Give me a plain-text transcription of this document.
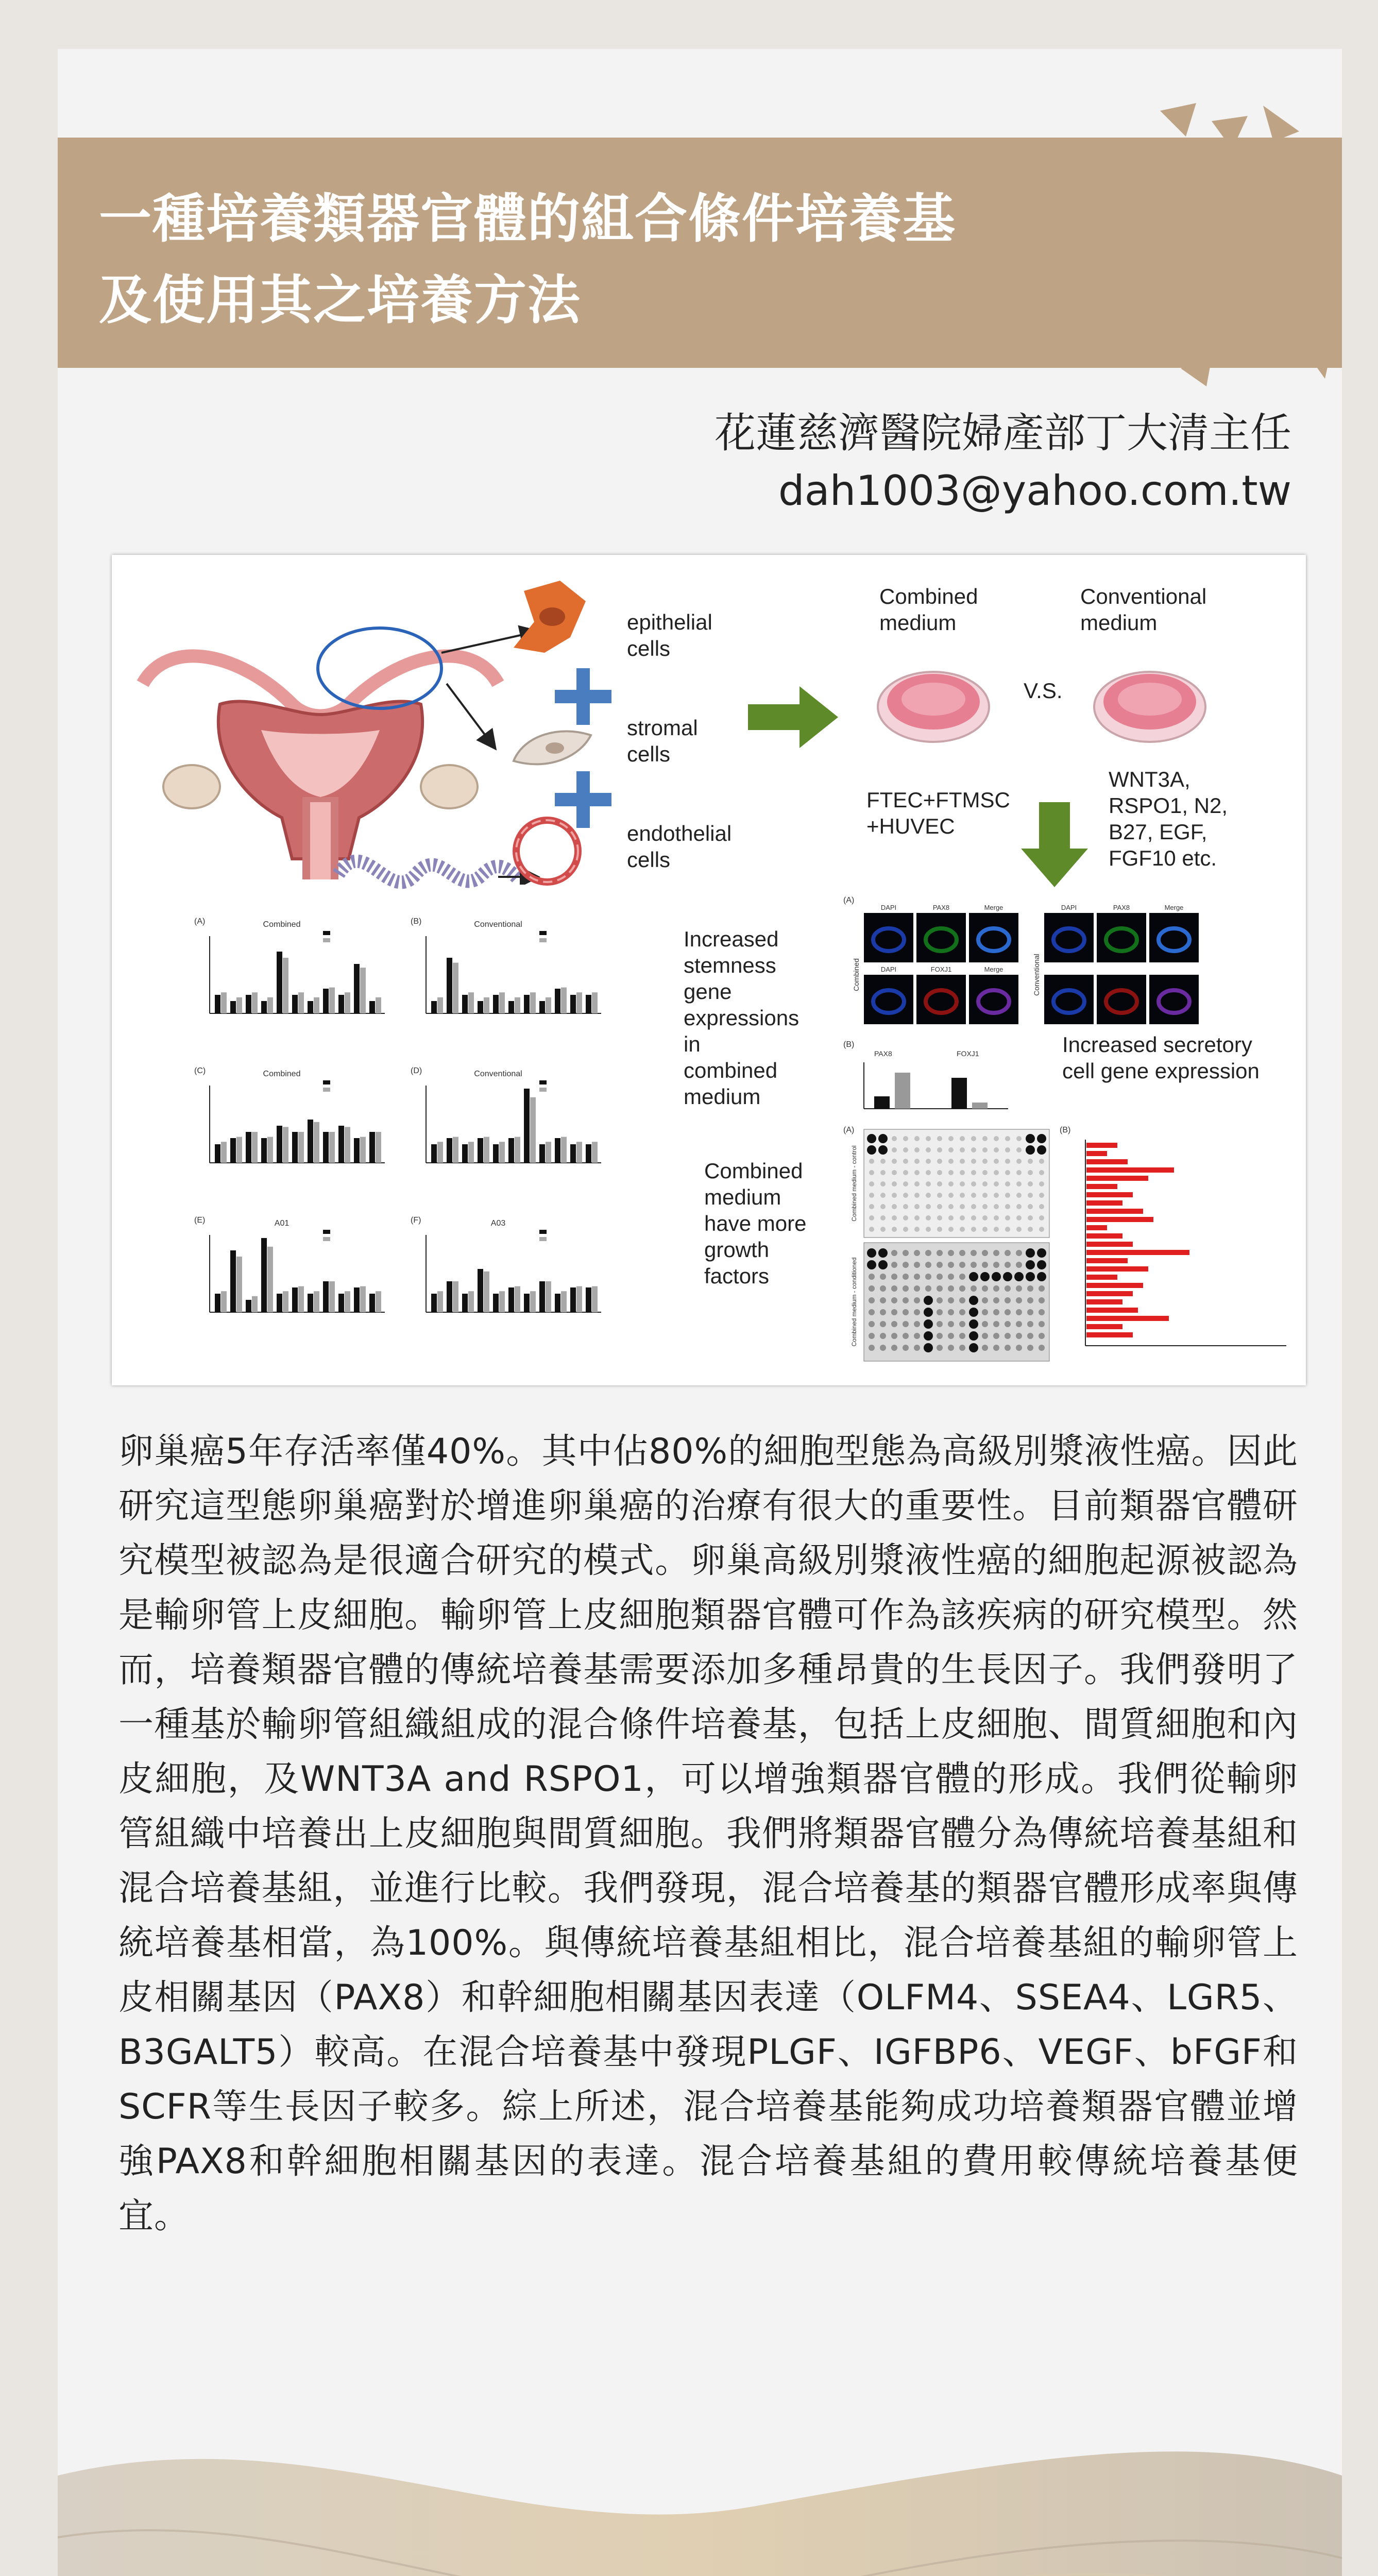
一種培養類器官體的組合條件培養基
及使用其之培養方法
花蓮慈濟醫院婦產部丁大清主任
dah1003@yahoo.com.tw
epithelial
cells
stromal
cells
endothelial
cells
Combined
medium
Conventional
medium
V.S.
FTEC+FTMSC
+HUVEC
WNT3A,
RSPO1, N2,
B27, EGF,
FGF10 etc.
(A)	Combined	(B)	Conventional
(C)	Combined	(D)	Conventional
(E)	A01	(F)	A03
Increased
stemness
gene
expressions
in
combined
medium
Combined
medium
have more
growth
factors
(A)
DAPI	PAX8	Merge
DAPI	FOXJ1	Merge
Combined
DAPI	PAX8	Merge
Conventional
(B)
PAX8	FOXJ1	Increased secretory
cell gene expression
(A)	(B)
Combined medium - control
Combined medium - conditioned
卵巢癌5年存活率僅40%。其中佔80%的細胞型態為高級別漿液性癌。因此研究這型態卵巢癌對於增進卵巢癌的治療有很大的重要性。目前類器官體研究模型被認為是很適合研究的模式。卵巢高級別漿液性癌的細胞起源被認為是輸卵管上皮細胞。輸卵管上皮細胞類器官體可作為該疾病的研究模型。然而，培養類器官體的傳統培養基需要添加多種昂貴的生長因子。我們發明了一種基於輸卵管組織組成的混合條件培養基，包括上皮細胞、間質細胞和內皮細胞，及WNT3A and RSPO1，可以增強類器官體的形成。我們從輸卵管組織中培養出上皮細胞與間質細胞。我們將類器官體分為傳統培養基組和混合培養基組，並進行比較。我們發現，混合培養基的類器官體形成率與傳統培養基相當，為100%。與傳統培養基組相比，混合培養基組的輸卵管上皮相關基因（PAX8）和幹細胞相關基因表達（OLFM4、SSEA4、LGR5、B3GALT5）較高。在混合培養基中發現PLGF、IGFBP6、VEGF、bFGF和SCFR等生長因子較多。綜上所述，混合培養基能夠成功培養類器官體並增強PAX8和幹細胞相關基因的表達。混合培養基組的費用較傳統培養基便宜。
